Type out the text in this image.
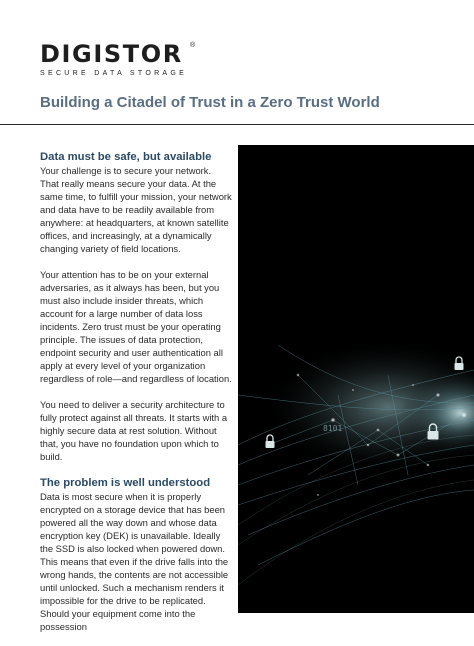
DIGISTOR	®
SECURE DATA STORAGE
Building a Citadel of Trust in a Zero Trust World
Data must be safe, but available

Your challenge is to secure your network. That really means secure your data. At the same time, to fulfill your mission, your network and data have to be readily available from anywhere: at headquarters, at known satellite offices, and increasingly, at a dynamically changing variety of field locations.

Your attention has to be on your external adversaries, as it always has been, but you must also include insider threats, which account for a large number of data loss incidents. Zero trust must be your operating principle. The issues of data protection, endpoint security and user authentication all apply at every level of your organization regardless of role—and regardless of location.

You need to deliver a security architecture to fully protect against all threats. It starts with a highly secure data at rest solution. Without that, you have no foundation upon which to build.

The problem is well understood

Data is most secure when it is properly encrypted on a storage device that has been powered all the way down and whose data encryption key (DEK) is unavailable. Ideally the SSD is also locked when powered down. This means that even if the drive falls into the wrong hands, the contents are not accessible until unlocked. Such a mechanism renders it impossible for the drive to be replicated. Should your equipment come into the possession

8101
